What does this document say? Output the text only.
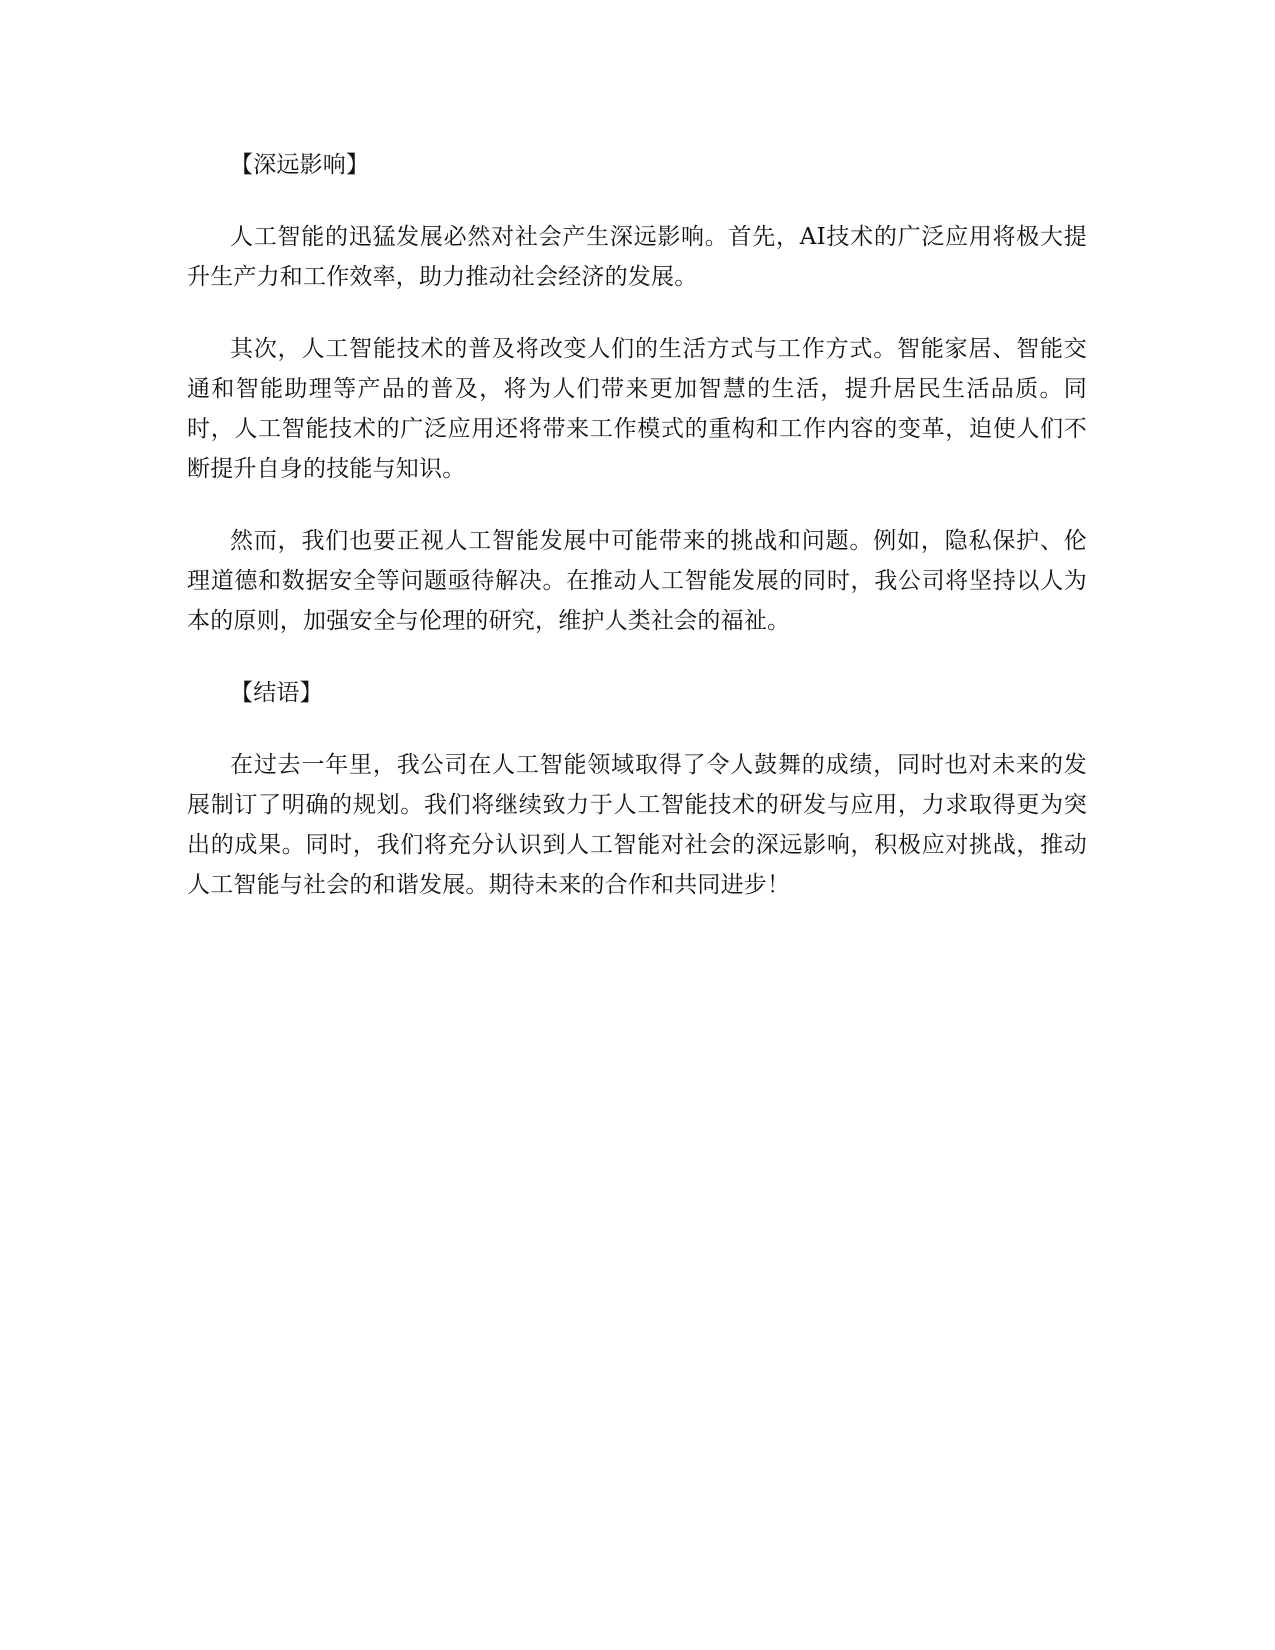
【深远影响】

人工智能的迅猛发展必然对社会产生深远影响。首先，AI技术的广泛应用将极大提升生产力和工作效率，助力推动社会经济的发展。

其次，人工智能技术的普及将改变人们的生活方式与工作方式。智能家居、智能交通和智能助理等产品的普及，将为人们带来更加智慧的生活，提升居民生活品质。同时，人工智能技术的广泛应用还将带来工作模式的重构和工作内容的变革，迫使人们不断提升自身的技能与知识。

然而，我们也要正视人工智能发展中可能带来的挑战和问题。例如，隐私保护、伦理道德和数据安全等问题亟待解决。在推动人工智能发展的同时，我公司将坚持以人为本的原则，加强安全与伦理的研究，维护人类社会的福祉。

【结语】

在过去一年里，我公司在人工智能领域取得了令人鼓舞的成绩，同时也对未来的发展制订了明确的规划。我们将继续致力于人工智能技术的研发与应用，力求取得更为突出的成果。同时，我们将充分认识到人工智能对社会的深远影响，积极应对挑战，推动人工智能与社会的和谐发展。期待未来的合作和共同进步！
